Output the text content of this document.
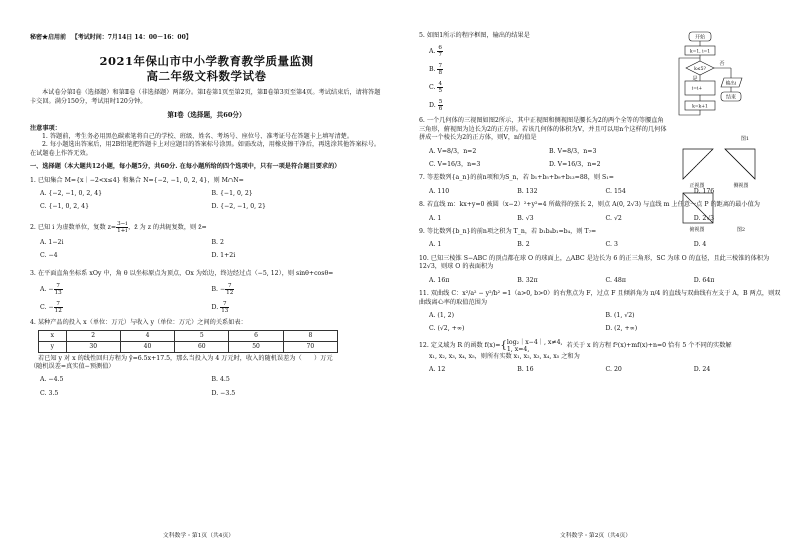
秘密★启用前 【考试时间：7月14日 14：00－16：00】
2021年保山市中小学教育教学质量监测
高二年级文科数学试卷
本试卷分第Ⅰ卷（选择题）和第Ⅱ卷（非选择题）两部分。第Ⅰ卷第1页至第2页，第Ⅱ卷第3页至第4页。考试结束后，请将答题卡交回。满分150分，考试用时120分钟。
第Ⅰ卷（选择题，共60分）
注意事项：
1. 答题前，考生务必用黑色碳素笔将自己的学校、班级、姓名、考场号、座位号、准考证号在答题卡上填写清楚。
2. 每小题选出答案后，用2B铅笔把答题卡上对应题目的答案标号涂黑。如需改动，用橡皮擦干净后，再选涂其他答案标号。在试题卷上作答无效。
一、选择题（本大题共12小题，每小题5分，共60分. 在每小题所给的四个选项中，只有一项是符合题目要求的）
1. 已知集合 M={x｜−2<x≤4} 和集合 N={−2, −1, 0, 2, 4}，则 M∩N=
A. {−2, −1, 0, 2, 4}	B. {−1, 0, 2}
C. {−1, 0, 2, 4}	D. {−2, −1, 0, 2}
2. 已知 i 为虚数单位，复数 $z= \frac{3-i}{1+i}$ ，z̄ 为 z 的共轭复数，则 z̄=
A. 1−2i	B. 2
C. −4	D. 1+2i
3. 在平面直角坐标系 xOy 中，角 θ 以坐标原点为顶点，Ox 为始边，终边经过点（−5, 12），则 sinθ+cosθ=
A. − $\frac{7}{13}$	B. − $\frac{7}{12}$
C. − $\frac{7}{12}$	D. $\frac{7}{13}$
4. 某种产品的投入 x（单位：万元）与收入 y（单位：万元）之间的关系如表：
x	2	4	5	6	8
y	30	40	60	50	70
若已知 y 对 x 的线性回归方程为 ŷ=6.5x+17.5，那么当投入为 4 万元时，收入的随机误差为（　　）万元
（随机误差=真实值−预测值）
A. −4.5	B. 4.5
C. 3.5	D. −3.5
文科数学・第1页（共4页）
5. 如图1所示的程序框图，输出的结果是
A. $\frac{6}{7}$
B. $\frac{7}{8}$
C. $\frac{4}{5}$
D. $\frac{5}{6}$
6. 一个几何体的三视图如图2所示，其中正视图和侧视图是腰长为2的两个全等的等腰直角三角形，俯视图为边长为2的正方形。若该几何体的体积为V，并且可以用n个这样的几何体拼成一个棱长为2的正方体，则V，n的值是
A. V=8/3，n=2	B. V=8/3，n=3
C. V=16/3，n=3	D. V=16/3，n=2
7. 等差数列{a_n}的前n项和为S_n，若 b₁+b₅+b₉+b₁₃=88，则 S₁=
A. 110	B. 132	C. 154	D. 176
8. 若直线 m：kx+y=0 被圆（x−2）²+y²=4 所截得的弦长 2，则点 A(0, 2√3) 与直线 m 上任意一点 P 的距离的最小值为
A. 1	B. √3	C. √2	D. 2√3
9. 等比数列{b_n}的前n项之积为 T_n，若 b₁b₄b₁=b₄，则 T₇=
A. 1	B. 2	C. 3	D. 4
10. 已知三棱锥 S−ABC 的顶点都在球 O 的球面上，△ABC 是边长为 6 的正三角形，SC 为球 O 的直径，且此三棱锥的体积为 12√3，则球 O 的表面积为
A. 16π	B. 32π	C. 48π	D. 64π
11. 双曲线 C：x²/a² − y²/b² =1（a>0, b>0）的右焦点为 F，过点 F 且倾斜角为 π/4 的直线与双曲线有左支于 A，B 两点，则双曲线离心率的取值范围为
A. (1, 2)	B. (1, √2)
C. (√2, +∞)	D. (2, +∞)
12. 定义域为 R 的函数 f(x)= { log₂｜x−4｜, x≠4,
1, x=4,
若关于 x 的方程 f²(x)+mf(x)+n=0 恰有 5 个不同的实数解
x₁, x₂, x₃, x₄, x₅，则所有实数 x₁, x₂, x₃, x₄, x₅ 之和为
A. 12	B. 16	C. 20	D. 24
开始
k=1, i=1
k≤5?
否
输出i
结束
是
i=i+
k=k+1
图1
正视图	侧视图
俯视图	图2
文科数学・第2页（共4页）
